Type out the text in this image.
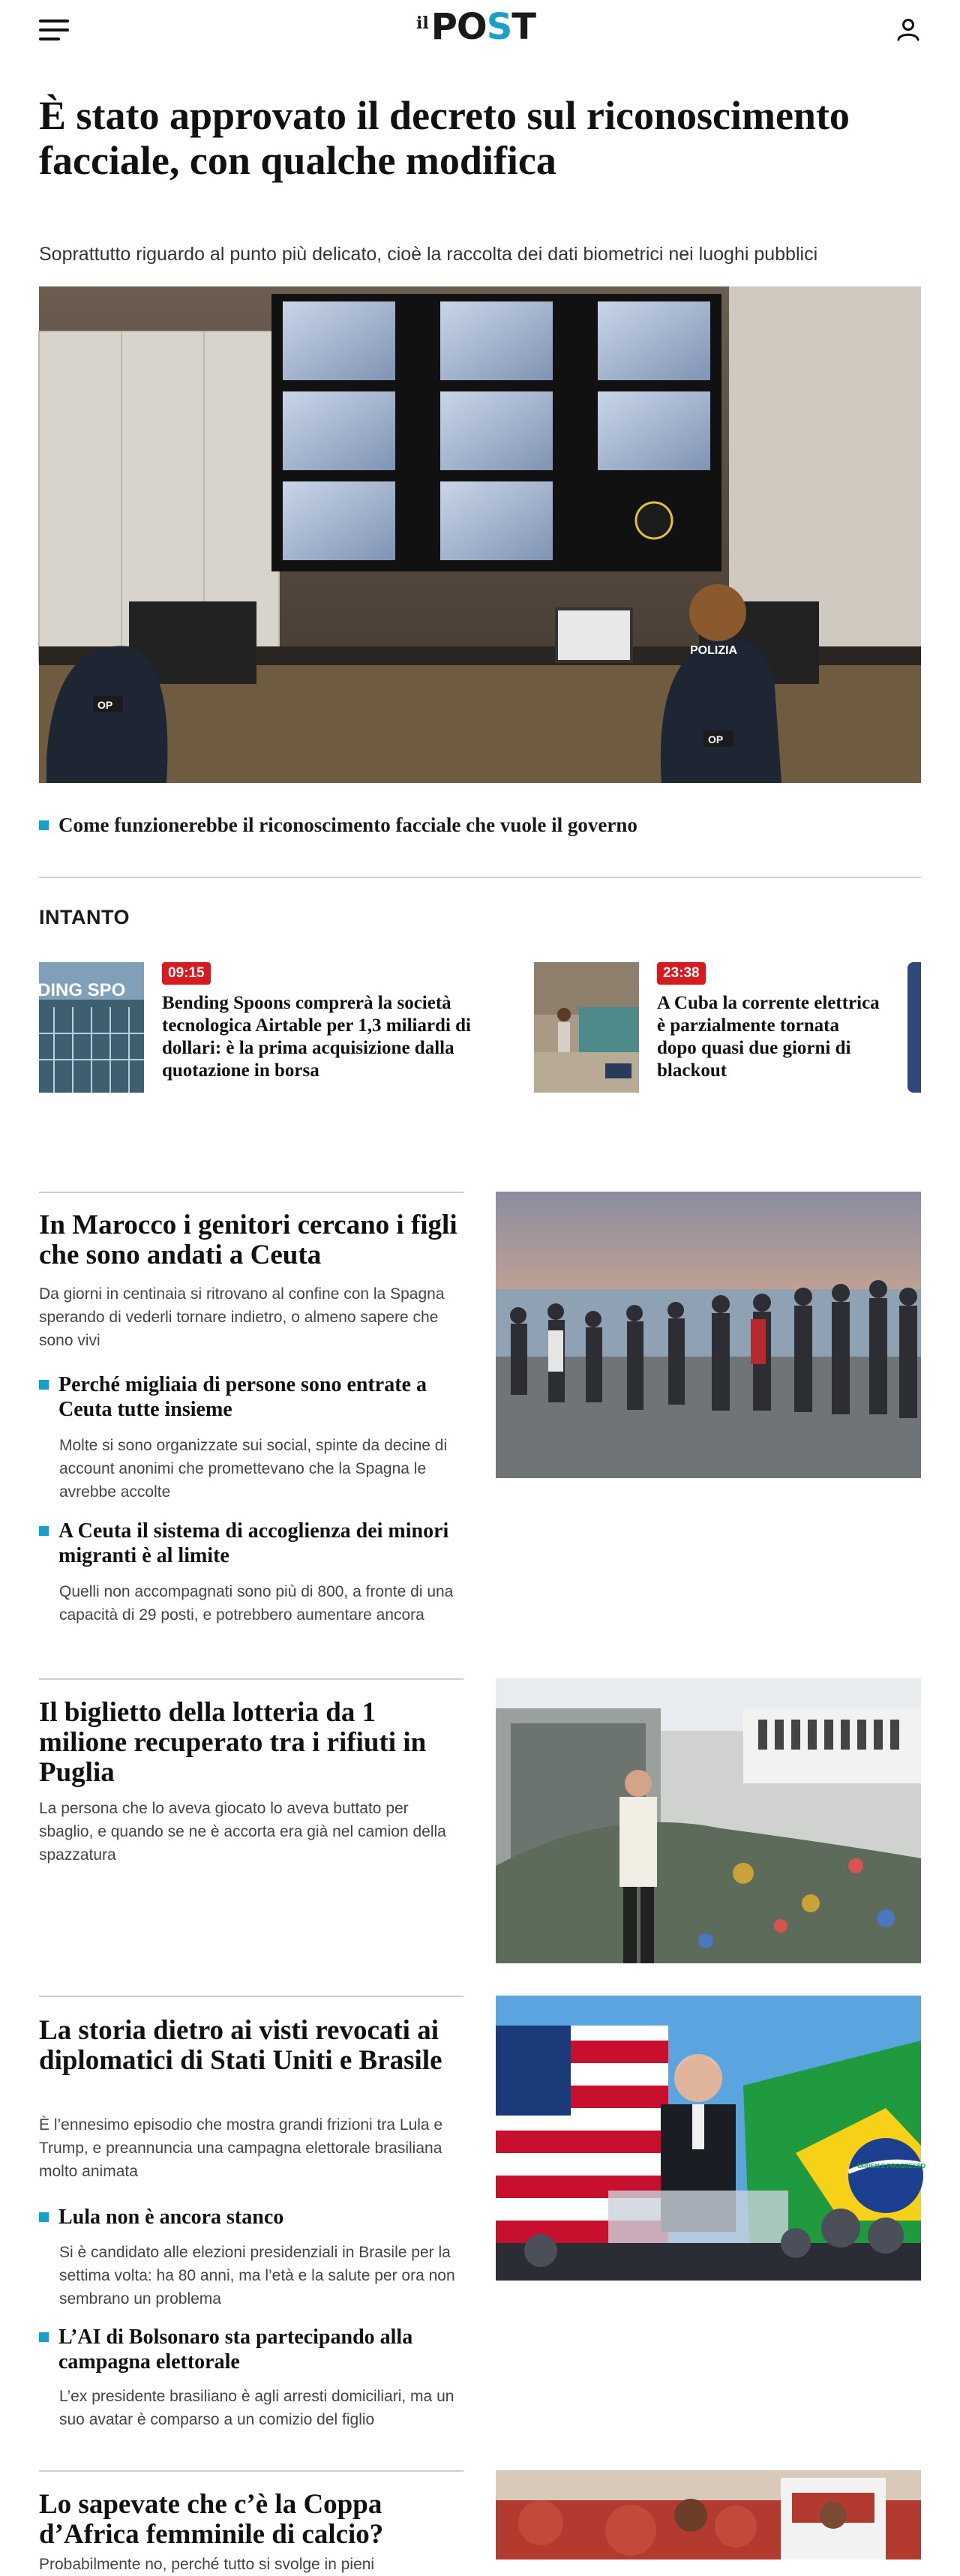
il POST
È stato approvato il decreto sul riconoscimento facciale, con qualche modifica

Soprattutto riguardo al punto più delicato, cioè la raccolta dei dati biometrici nei luoghi pubblici

OP
OP
POLIZIA
Come funzionerebbe il riconoscimento facciale che vuole il governo
INTANTO
DING SPO
09:15
Bending Spoons comprerà la società tecnologica Airtable per 1,3 miliardi di dollari: è la prima acquisizione dalla quotazione in borsa
23:38
A Cuba la corrente elettrica è parzialmente tornata dopo quasi due giorni di blackout
In Marocco i genitori cercano i figli che sono andati a Ceuta

Da giorni in centinaia si ritrovano al confine con la Spagna sperando di vederli tornare indietro, o almeno sapere che sono vivi

Perché migliaia di persone sono entrate a Ceuta tutte insieme

Molte si sono organizzate sui social, spinte da decine di account anonimi che promettevano che la Spagna le avrebbe accolte

A Ceuta il sistema di accoglienza dei minori migranti è al limite

Quelli non accompagnati sono più di 800, a fronte di una capacità di 29 posti, e potrebbero aumentare ancora

Il biglietto della lotteria da 1 milione recuperato tra i rifiuti in Puglia

La persona che lo aveva giocato lo aveva buttato per sbaglio, e quando se ne è accorta era già nel camion della spazzatura

La storia dietro ai visti revocati ai diplomatici di Stati Uniti e Brasile

È l’ennesimo episodio che mostra grandi frizioni tra Lula e Trump, e preannuncia una campagna elettorale brasiliana molto animata

Lula non è ancora stanco

Si è candidato alle elezioni presidenziali in Brasile per la settima volta: ha 80 anni, ma l’età e la salute per ora non sembrano un problema

L’AI di Bolsonaro sta partecipando alla campagna elettorale

L’ex presidente brasiliano è agli arresti domiciliari, ma un suo avatar è comparso a un comizio del figlio

ORDEM E PROGRESSO
Lo sapevate che c’è la Coppa d’Africa femminile di calcio?

Probabilmente no, perché tutto si svolge in pieni
